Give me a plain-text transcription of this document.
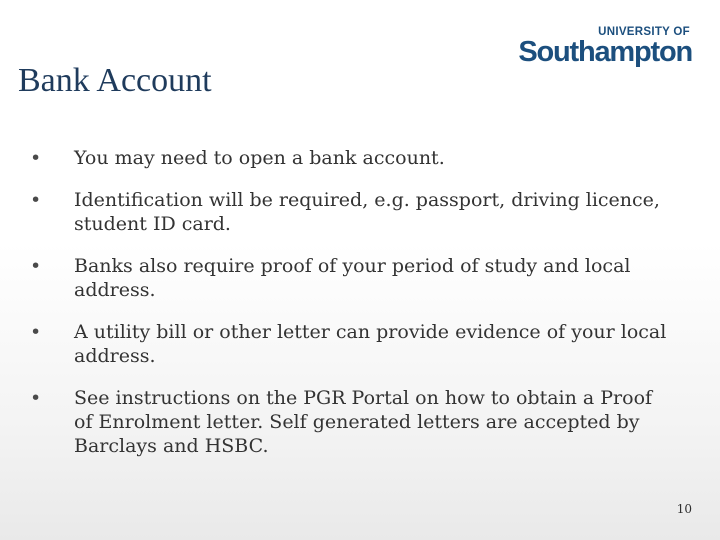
Bank Account
UNIVERSITY OF
Southampton
•	You may need to open a bank account.
•	Identification will be required, e.g. passport, driving licence, student ID card.
•	Banks also require proof of your period of study and local address.
•	A utility bill or other letter can provide evidence of your local address.
•	See instructions on the PGR Portal on how to obtain a Proof of Enrolment letter. Self generated letters are accepted by Barclays and HSBC.
10
